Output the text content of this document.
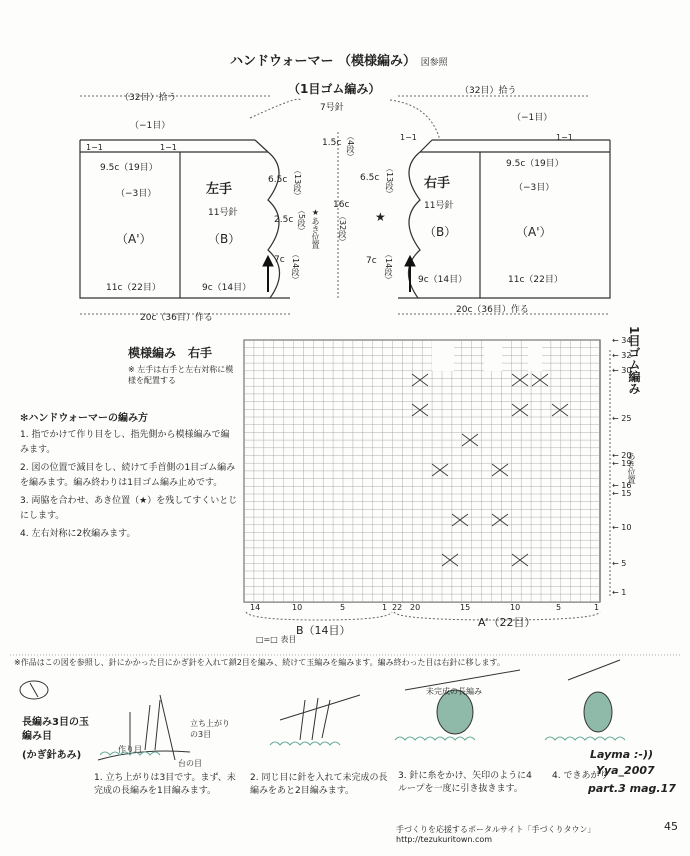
ハンドウォーマー （模様編み） 図参照
（1目ゴム編み）
7号針
（32目）拾う
（32目）拾う
（−1目）
1−1	1−1
9.5c（19目）
（−3目）	左手
11号針
（A'）	（B）
11c（22目）	9c（14目）
20c（36目）作る
6.5c （13段）
2.5c （5段） ★あき位置
7c （14段）
1.5c （4段）
16c
（32段）
（−1目）
1−1	1−1
9.5c（19目）
（−3目）
右手
11号針
（B）	（A'）
9c（14目）	11c（22目）
20c（36目）作る
6.5c （13段）
★
7c （14段）
模様編み　右手
※ 左手は右手と左右対称に模様を配置する	1目ゴム編み
あき位置
← 34
← 32
← 30
← 25
← 20
← 19
← 16
← 15
← 10
← 5
← 1
14	10	5	1 22 20	15	10	5	1
B（14目）
A'（22目）
□=□ 表目
✻ハンドウォーマーの編み方
1. 指でかけて作り目をし、指先側から模様編みで編みます。
2. 図の位置で減目をし、続けて手首側の1目ゴム編みを編みます。編み終わりは1目ゴム編み止めです。
3. 両脇を合わせ、あき位置（★）を残してすくいとじにします。
4. 左右対称に2枚編みます。
※作品はこの図を参照し、針にかかった目にかぎ針を入れて鎖2目を編み、続けて玉編みを編みます。編み終わった目は右針に移します。
長編み3目の玉編み目
(かぎ針あみ)
立ち上がりの3目
作り目
台の目
未完成の長編み
1. 立ち上がりは3目です。まず、未完成の長編みを1目編みます。
2. 同じ目に針を入れて未完成の長編みをあと2目編みます。
3. 針に糸をかけ、矢印のように4ループを一度に引き抜きます。
4. できあがり
Layma :-))
Yya_2007
part.3 mag.17
手づくりを応援するポータルサイト「手づくりタウン」http://tezukuritown.com
45
